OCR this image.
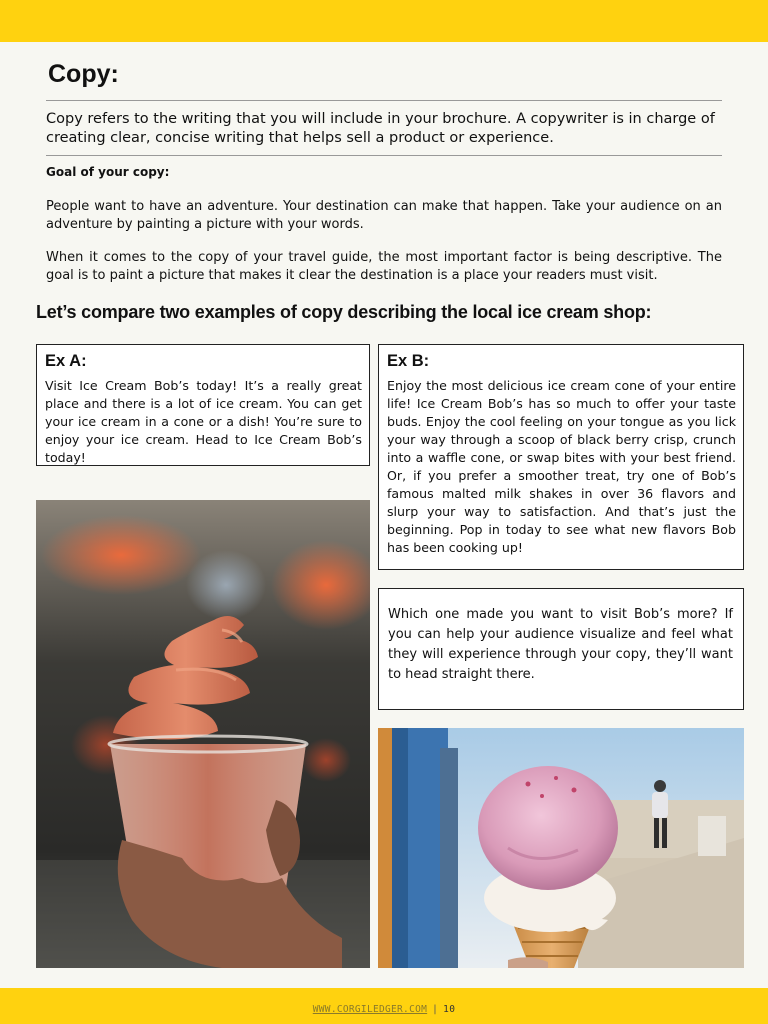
Copy:
Copy refers to the writing that you will include in your brochure. A copywriter is in charge of creating clear, concise writing that helps sell a product or experience.
Goal of your copy:
People want to have an adventure. Your destination can make that happen. Take your audience on an adventure by painting a picture with your words.
When it comes to the copy of your travel guide, the most important factor is being descriptive. The goal is to paint a picture that makes it clear the destination is a place your readers must visit.
Let’s compare two examples of copy describing the local ice cream shop:
Ex A:
Visit Ice Cream Bob’s today! It’s a really great place and there is a lot of ice cream. You can get your ice cream in a cone or a dish! You’re sure to enjoy your ice cream. Head to Ice Cream Bob’s today!
Ex B:
Enjoy the most delicious ice cream cone of your entire life! Ice Cream Bob’s has so much to offer your taste buds. Enjoy the cool feeling on your tongue as you lick your way through a scoop of black berry crisp, crunch into a waffle cone, or swap bites with your best friend. Or, if you prefer a smoother treat, try one of Bob’s famous malted milk shakes in over 36 flavors and slurp your way to satisfaction. And that’s just the beginning. Pop in today to see what new flavors Bob has been cooking up!
Which one made you want to visit Bob’s more? If you can help your audience visualize and feel what they will experience through your copy, they’ll want to head straight there.
WWW.CORGILEDGER.COM | 10
